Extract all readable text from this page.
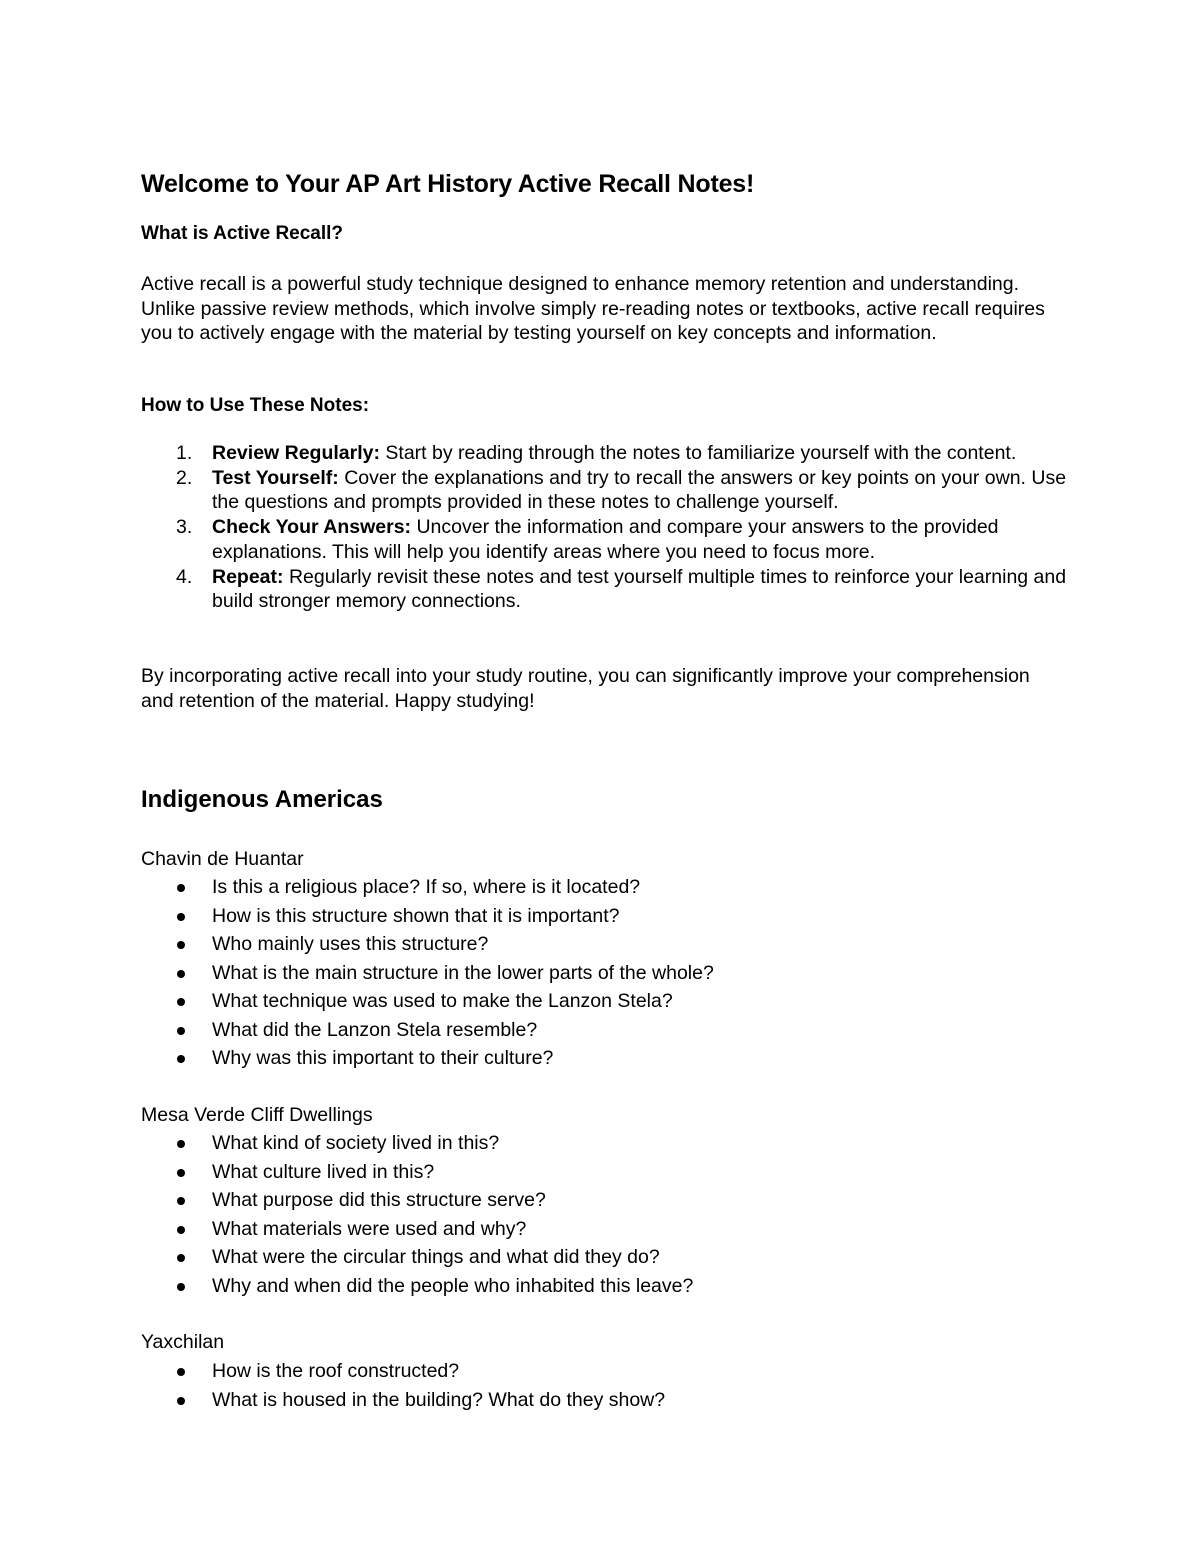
Welcome to Your AP Art History Active Recall Notes!
What is Active Recall?

Active recall is a powerful study technique designed to enhance memory retention and understanding. Unlike passive review methods, which involve simply re-reading notes or textbooks, active recall requires you to actively engage with the material by testing yourself on key concepts and information.

How to Use These Notes:
1. Review Regularly: Start by reading through the notes to familiarize yourself with the content.
2. Test Yourself: Cover the explanations and try to recall the answers or key points on your own. Use the questions and prompts provided in these notes to challenge yourself.
3. Check Your Answers: Uncover the information and compare your answers to the provided explanations. This will help you identify areas where you need to focus more.
4. Repeat: Regularly revisit these notes and test yourself multiple times to reinforce your learning and build stronger memory connections.

By incorporating active recall into your study routine, you can significantly improve your comprehension and retention of the material. Happy studying!

Indigenous Americas

Chavin de Huantar

Is this a religious place? If so, where is it located?
How is this structure shown that it is important?
Who mainly uses this structure?
What is the main structure in the lower parts of the whole?
What technique was used to make the Lanzon Stela?
What did the Lanzon Stela resemble?
Why was this important to their culture?

Mesa Verde Cliff Dwellings

What kind of society lived in this?
What culture lived in this?
What purpose did this structure serve?
What materials were used and why?
What were the circular things and what did they do?
Why and when did the people who inhabited this leave?

Yaxchilan

How is the roof constructed?
What is housed in the building? What do they show?
